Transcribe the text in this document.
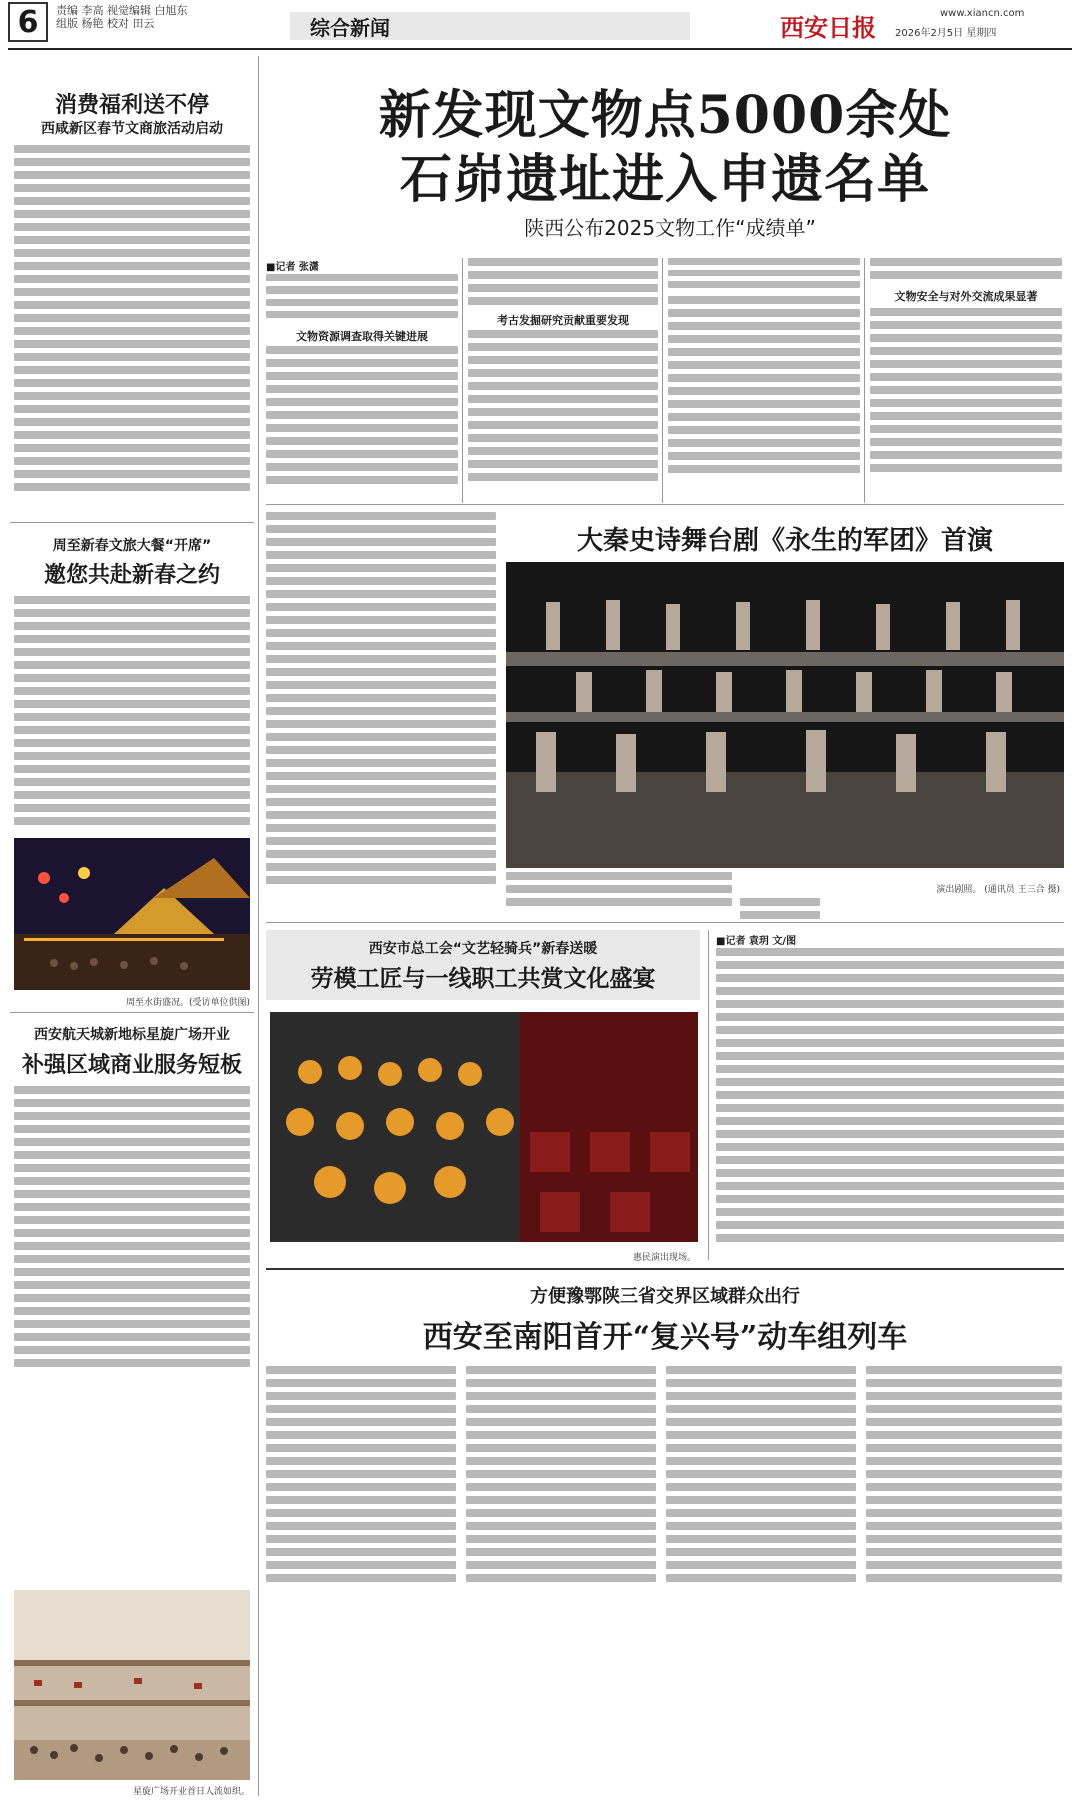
6	责编 李高 视觉编辑 白旭东
组版 杨艳 校对 田云	综合新闻	西安日报	www.xiancn.com
2026年2月5日 星期四
消费福利送不停
西咸新区春节文商旅活动启动
周至新春文旅大餐“开席”
邀您共赴新春之约
周至水街盛况。(受访单位供图)
西安航天城新地标星旋广场开业
补强区域商业服务短板
星旋广场开业首日人流如织。
新发现文物点5000余处
石峁遗址进入申遗名单
陕西公布2025文物工作“成绩单”
■记者 张潇
文物资源调查取得关键进展
考古发掘研究贡献重要发现
文物安全与对外交流成果显著
大秦史诗舞台剧《永生的军团》首演
演出剧照。 (通讯员 王三合 摄)
西安市总工会“文艺轻骑兵”新春送暖
劳模工匠与一线职工共赏文化盛宴
惠民演出现场。
■记者 袁玥 文/图
方便豫鄂陕三省交界区域群众出行
西安至南阳首开“复兴号”动车组列车
